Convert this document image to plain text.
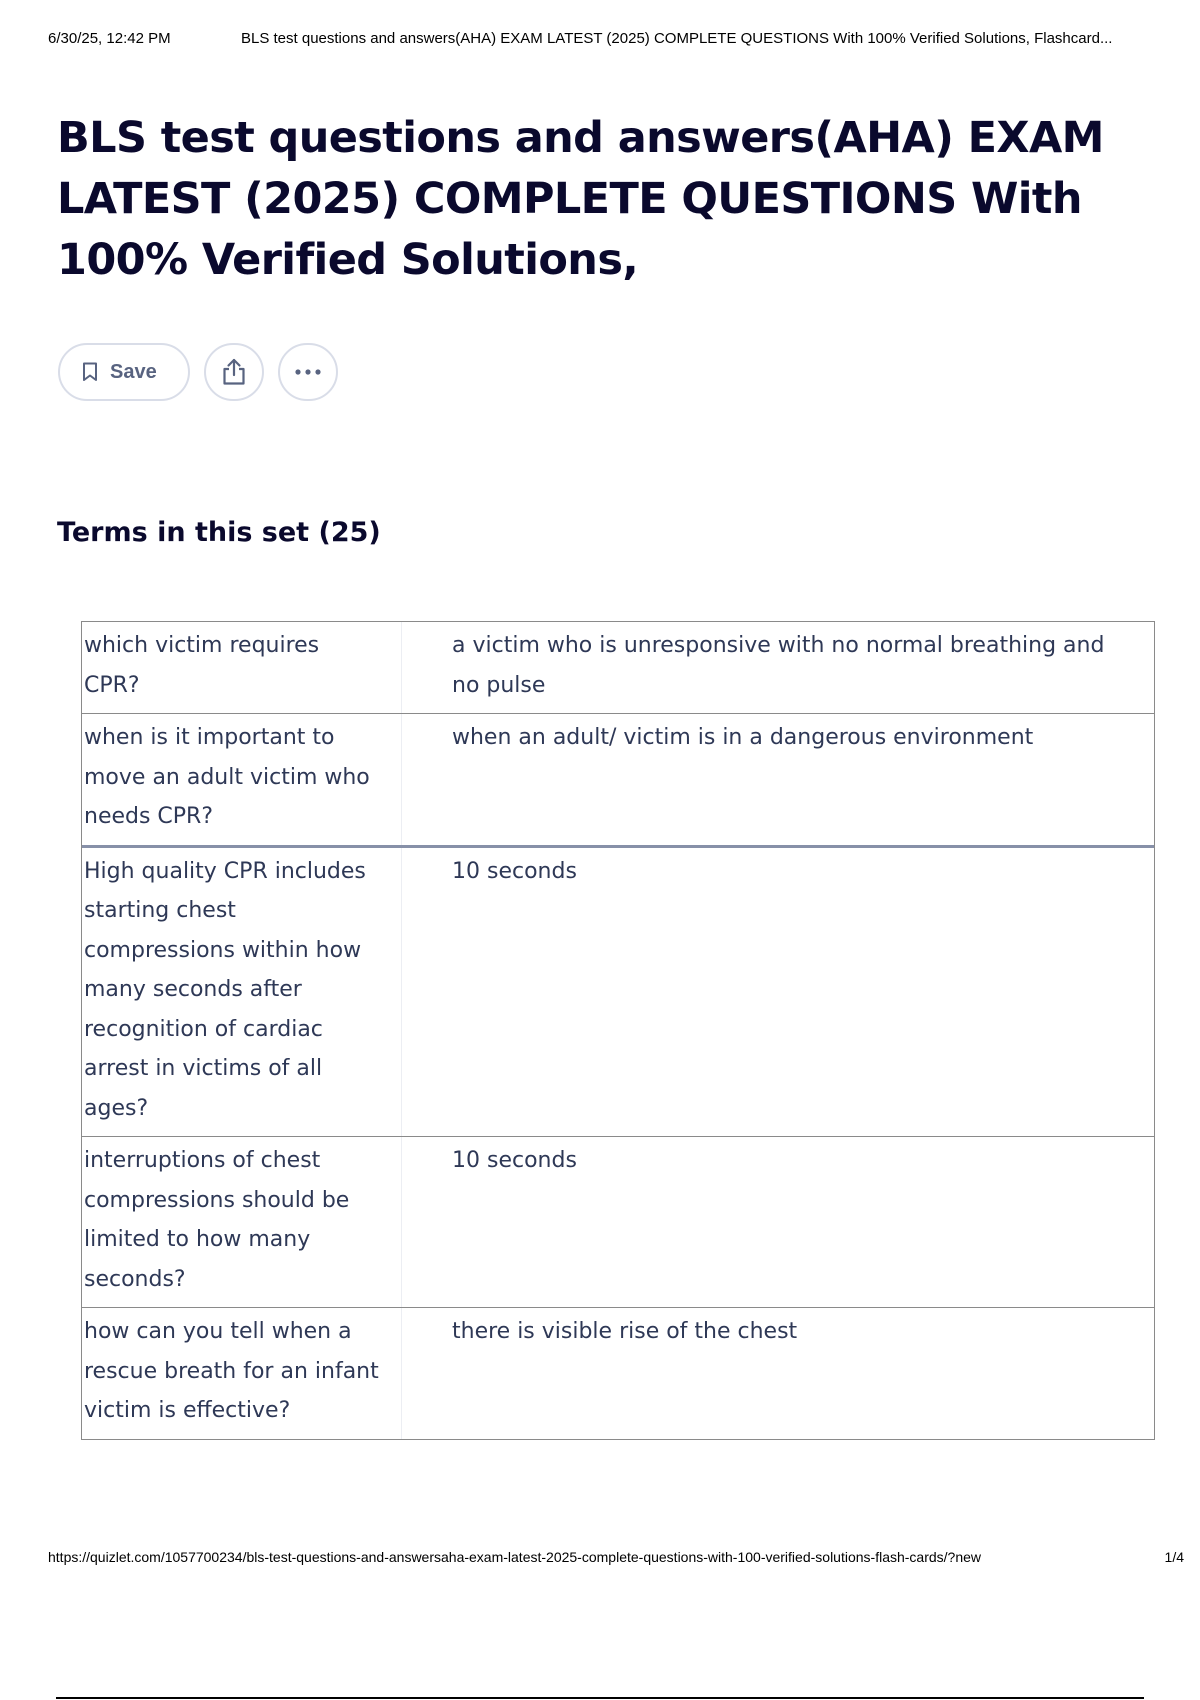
6/30/25, 12:42 PM	BLS test questions and answers(AHA) EXAM LATEST (2025) COMPLETE QUESTIONS With 100% Verified Solutions, Flashcard...
BLS test questions and answers(AHA) EXAM LATEST (2025) COMPLETE QUESTIONS With 100% Verified Solutions,
Save
Terms in this set (25)
which victim requires CPR?
a victim who is unresponsive with no normal breathing and no pulse
when is it important to move an adult victim who needs CPR?
when an adult/ victim is in a dangerous environment
High quality CPR includes starting chest compressions within how many seconds after recognition of cardiac arrest in victims of all ages?
10 seconds
interruptions of chest compressions should be limited to how many seconds?
10 seconds
how can you tell when a rescue breath for an infant victim is effective?
there is visible rise of the chest
https://quizlet.com/1057700234/bls-test-questions-and-answersaha-exam-latest-2025-complete-questions-with-100-verified-solutions-flash-cards/?new	1/4
